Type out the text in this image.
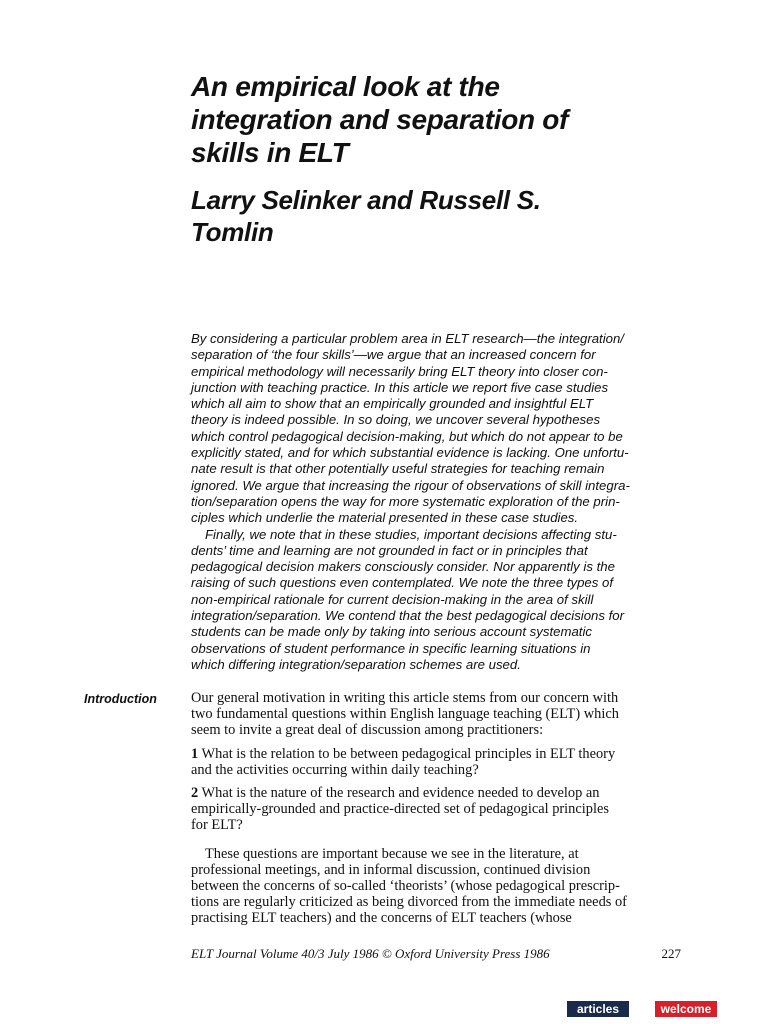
An empirical look at the
integration and separation of
skills in ELT
Larry Selinker and Russell S.
Tomlin
By considering a particular problem area in ELT research—the integration/
separation of ‘the four skills’—we argue that an increased concern for
empirical methodology will necessarily bring ELT theory into closer con-
junction with teaching practice. In this article we report five case studies
which all aim to show that an empirically grounded and insightful ELT
theory is indeed possible. In so doing, we uncover several hypotheses
which control pedagogical decision-making, but which do not appear to be
explicitly stated, and for which substantial evidence is lacking. One unfortu-
nate result is that other potentially useful strategies for teaching remain
ignored. We argue that increasing the rigour of observations of skill integra-
tion/separation opens the way for more systematic exploration of the prin-
ciples which underlie the material presented in these case studies.
Finally, we note that in these studies, important decisions affecting stu-
dents’ time and learning are not grounded in fact or in principles that
pedagogical decision makers consciously consider. Nor apparently is the
raising of such questions even contemplated. We note the three types of
non-empirical rationale for current decision-making in the area of skill
integration/separation. We contend that the best pedagogical decisions for
students can be made only by taking into serious account systematic
observations of student performance in specific learning situations in
which differing integration/separation schemes are used.
Introduction Our general motivation in writing this article stems from our concern with
two fundamental questions within English language teaching (ELT) which
seem to invite a great deal of discussion among practitioners:
1 What is the relation to be between pedagogical principles in ELT theory
and the activities occurring within daily teaching?
2 What is the nature of the research and evidence needed to develop an
empirically-grounded and practice-directed set of pedagogical principles
for ELT?
These questions are important because we see in the literature, at
professional meetings, and in informal discussion, continued division
between the concerns of so-called ‘theorists’ (whose pedagogical prescrip-
tions are regularly criticized as being divorced from the immediate needs of
practising ELT teachers) and the concerns of ELT teachers (whose
ELT Journal Volume 40/3 July 1986 © Oxford University Press 1986	227
articles	welcome
